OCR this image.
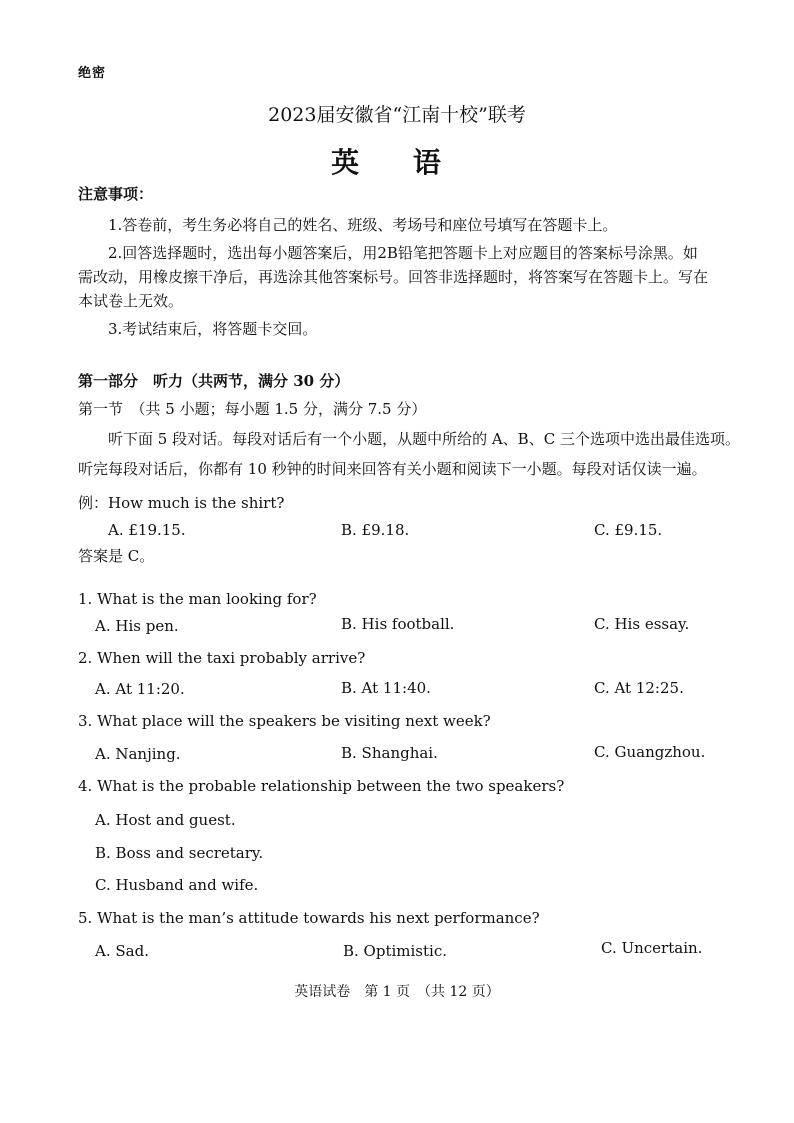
绝密
2023届安徽省“江南十校”联考
英 语
注意事项：
1.答卷前，考生务必将自己的姓名、班级、考场号和座位号填写在答题卡上。
2.回答选择题时，选出每小题答案后，用2B铅笔把答题卡上对应题目的答案标号涂黑。如
需改动，用橡皮擦干净后，再选涂其他答案标号。回答非选择题时，将答案写在答题卡上。写在
本试卷上无效。
3.考试结束后，将答题卡交回。
第一部分　听力（共两节，满分 30 分）
第一节　（共 5 小题；每小题 1.5 分，满分 7.5 分）
听下面 5 段对话。每段对话后有一个小题，从题中所给的 A、B、C 三个选项中选出最佳选项。
听完每段对话后，你都有 10 秒钟的时间来回答有关小题和阅读下一小题。每段对话仅读一遍。
例：How much is the shirt?
A. £19.15.	B. £9.18.	C. £9.15.
答案是 C。
1. What is the man looking for?
A. His pen.	B. His football.	C. His essay.
2. When will the taxi probably arrive?
A. At 11:20.	B. At 11:40.	C. At 12:25.
3. What place will the speakers be visiting next week?
A. Nanjing.	B. Shanghai.	C. Guangzhou.
4. What is the probable relationship between the two speakers?
A. Host and guest.
B. Boss and secretary.
C. Husband and wife.
5. What is the man’s attitude towards his next performance?
A. Sad.	B. Optimistic.	C. Uncertain.
英语试卷　第 1 页　（共 12 页）
